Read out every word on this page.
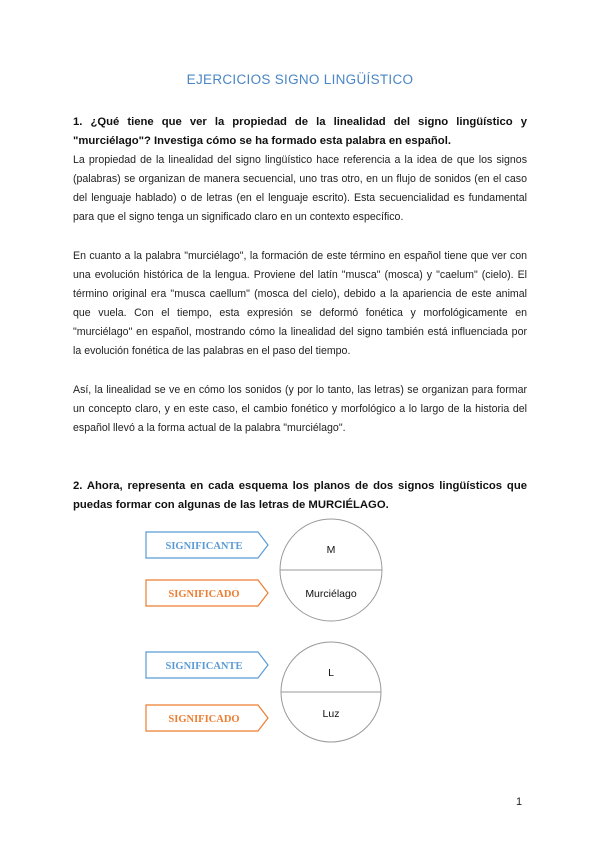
EJERCICIOS SIGNO LINGÜÍSTICO
1. ¿Qué tiene que ver la propiedad de la linealidad del signo lingüístico y "murciélago"? Investiga cómo se ha formado esta palabra en español.
La propiedad de la linealidad del signo lingüístico hace referencia a la idea de que los signos (palabras) se organizan de manera secuencial, uno tras otro, en un flujo de sonidos (en el caso del lenguaje hablado) o de letras (en el lenguaje escrito). Esta secuencialidad es fundamental para que el signo tenga un significado claro en un contexto específico.
En cuanto a la palabra "murciélago", la formación de este término en español tiene que ver con una evolución histórica de la lengua. Proviene del latín "musca" (mosca) y "caelum" (cielo). El término original era "musca caellum" (mosca del cielo), debido a la apariencia de este animal que vuela. Con el tiempo, esta expresión se deformó fonética y morfológicamente en "murciélago" en español, mostrando cómo la linealidad del signo también está influenciada por la evolución fonética de las palabras en el paso del tiempo.
Así, la linealidad se ve en cómo los sonidos (y por lo tanto, las letras) se organizan para formar un concepto claro, y en este caso, el cambio fonético y morfológico a lo largo de la historia del español llevó a la forma actual de la palabra "murciélago".
2. Ahora, representa en cada esquema los planos de dos signos lingüísticos que puedas formar con algunas de las letras de MURCIÉLAGO.
SIGNIFICANTE
SIGNIFICADO
M
Murciélago
SIGNIFICANTE
SIGNIFICADO
L
Luz
1
